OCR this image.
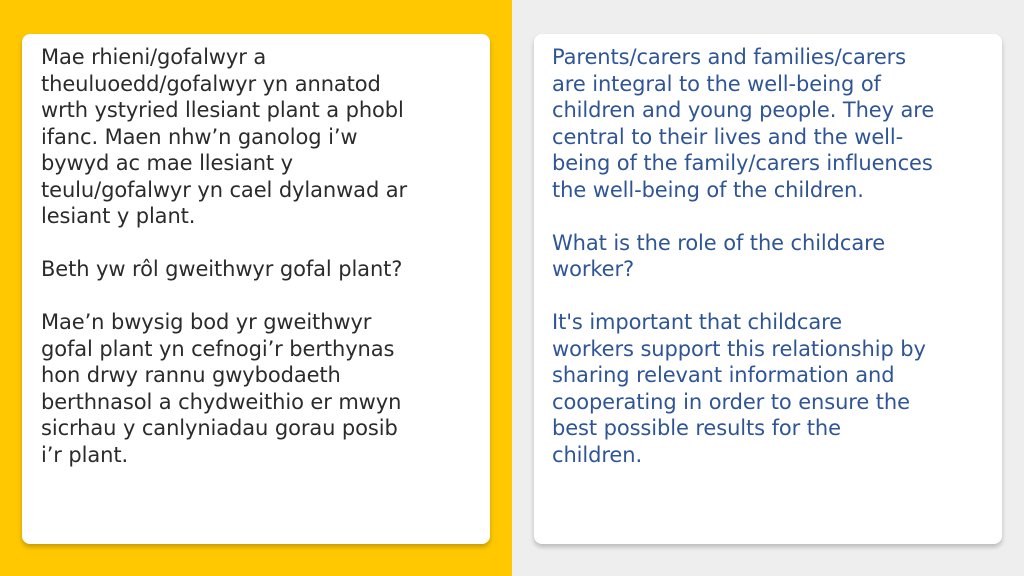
Mae rhieni/gofalwyr a
theuluoedd/gofalwyr yn annatod
wrth ystyried llesiant plant a phobl
ifanc. Maen nhw’n ganolog i’w
bywyd ac mae llesiant y
teulu/gofalwyr yn cael dylanwad ar
lesiant y plant.

Beth yw rôl gweithwyr gofal plant?

Mae’n bwysig bod yr gweithwyr
gofal plant yn cefnogi’r berthynas
hon drwy rannu gwybodaeth
berthnasol a chydweithio er mwyn
sicrhau y canlyniadau gorau posib
i’r plant.

Parents/carers and families/carers
are integral to the well-being of
children and young people. They are
central to their lives and the well-
being of the family/carers influences
the well-being of the children.

What is the role of the childcare
worker?

It's important that childcare
workers support this relationship by
sharing relevant information and
cooperating in order to ensure the
best possible results for the
children.
